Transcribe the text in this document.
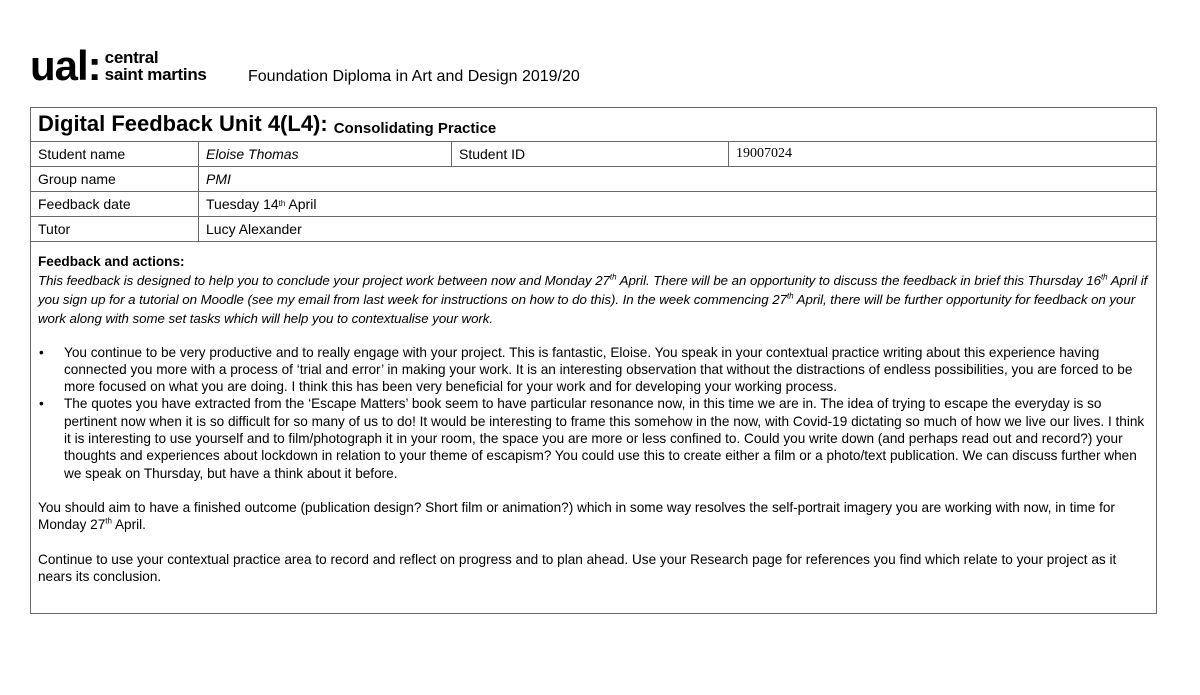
ual: central
saint martins	Foundation Diploma in Art and Design 2019/20
Digital Feedback Unit 4(L4): Consolidating Practice
Student name	Eloise Thomas	Student ID	19007024
Group name	PMI
Feedback date	Tuesday 14 th April
Tutor	Lucy Alexander
Feedback and actions:
This feedback is designed to help you to conclude your project work between now and Monday 27th April. There will be an opportunity to discuss the feedback in brief this Thursday 16th April if you sign up for a tutorial on Moodle (see my email from last week for instructions on how to do this). In the week commencing 27th April, there will be further opportunity for feedback on your work along with some set tasks which will help you to contextualise your work.
• You continue to be very productive and to really engage with your project. This is fantastic, Eloise. You speak in your contextual practice writing about this experience having connected you more with a process of ‘trial and error’ in making your work. It is an interesting observation that without the distractions of endless possibilities, you are forced to be more focused on what you are doing. I think this has been very beneficial for your work and for developing your working process.
• The quotes you have extracted from the ‘Escape Matters’ book seem to have particular resonance now, in this time we are in. The idea of trying to escape the everyday is so pertinent now when it is so difficult for so many of us to do! It would be interesting to frame this somehow in the now, with Covid-19 dictating so much of how we live our lives. I think it is interesting to use yourself and to film/photograph it in your room, the space you are more or less confined to. Could you write down (and perhaps read out and record?) your thoughts and experiences about lockdown in relation to your theme of escapism? You could use this to create either a film or a photo/text publication. We can discuss further when we speak on Thursday, but have a think about it before.
You should aim to have a finished outcome (publication design? Short film or animation?) which in some way resolves the self-portrait imagery you are working with now, in time for Monday 27th April.
Continue to use your contextual practice area to record and reflect on progress and to plan ahead. Use your Research page for references you find which relate to your project as it nears its conclusion.
